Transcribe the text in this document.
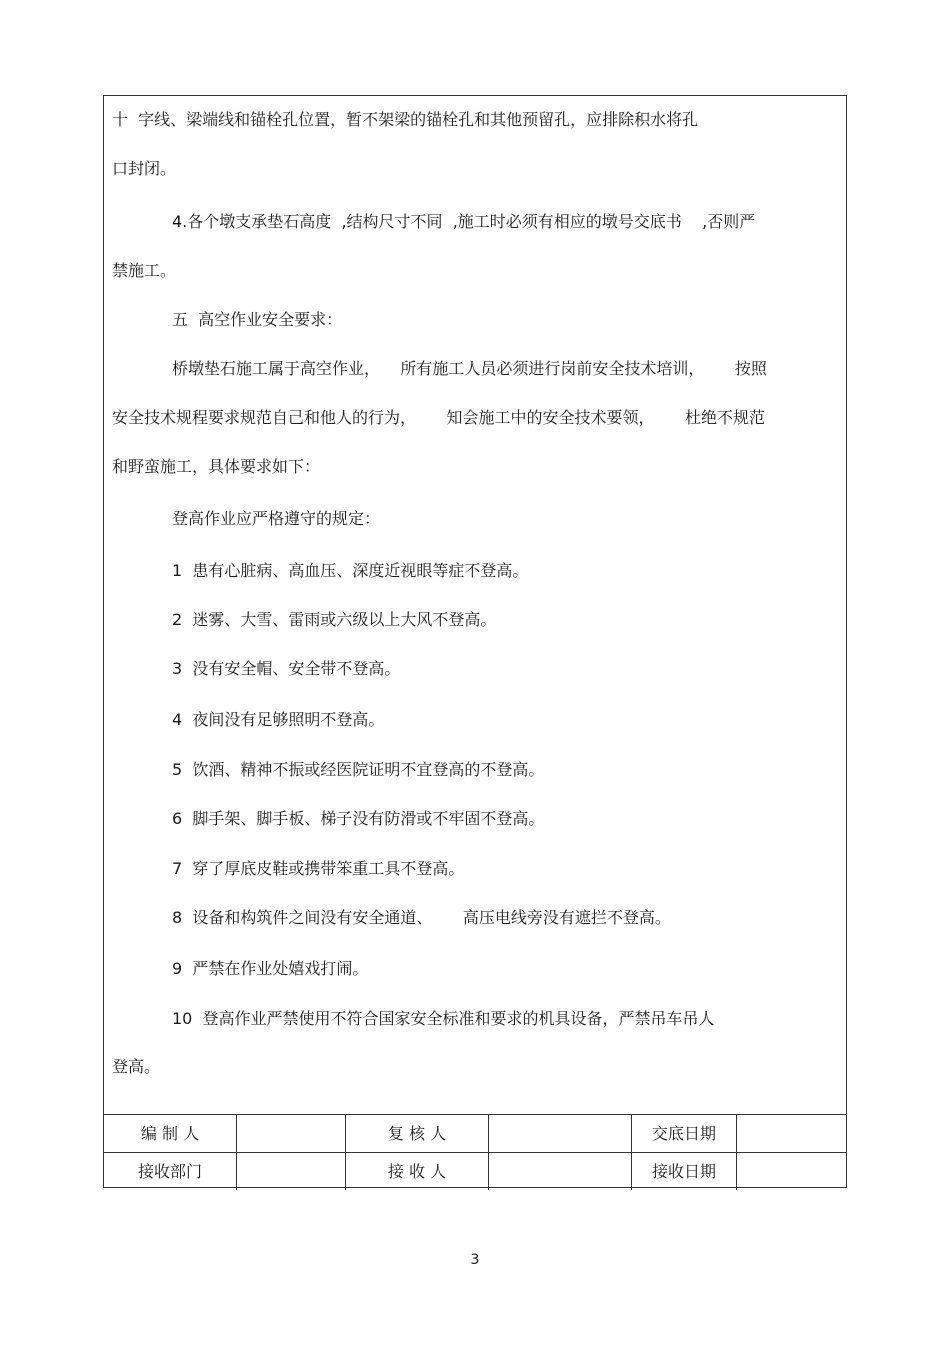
十  字线、梁端线和锚栓孔位置，暂不架梁的锚栓孔和其他预留孔，应排除积水将孔
口封闭。
4.各个墩支承垫石高度  ,结构尺寸不同  ,施工时必须有相应的墩号交底书    ,否则严
禁施工。
五  高空作业安全要求：
桥墩垫石施工属于高空作业，    所有施工人员必须进行岗前安全技术培训，      按照
安全技术规程要求规范自己和他人的行为，      知会施工中的安全技术要领，      杜绝不规范
和野蛮施工，具体要求如下：
登高作业应严格遵守的规定：
1  患有心脏病、高血压、深度近视眼等症不登高。
2  迷雾、大雪、雷雨或六级以上大风不登高。
3  没有安全帽、安全带不登高。
4  夜间没有足够照明不登高。
5  饮酒、精神不振或经医院证明不宜登高的不登高。
6  脚手架、脚手板、梯子没有防滑或不牢固不登高。
7  穿了厚底皮鞋或携带笨重工具不登高。
8  设备和构筑件之间没有安全通道、      高压电线旁没有遮拦不登高。
9  严禁在作业处嬉戏打闹。
10  登高作业严禁使用不符合国家安全标准和要求的机具设备，严禁吊车吊人
登高。
编 制 人	复 核 人	交底日期
接收部门	接 收 人	接收日期
3
